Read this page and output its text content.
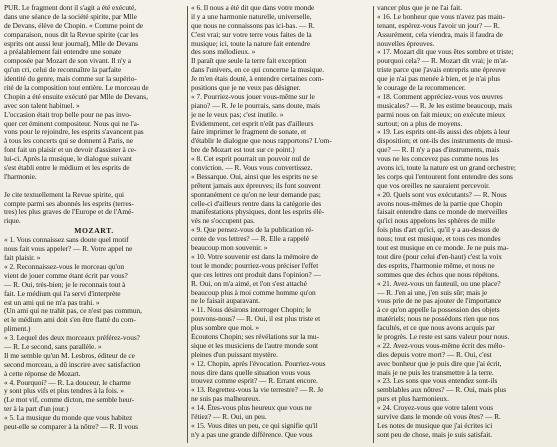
PUR. Le fragment dont il s'agit a été exécuté,
dans une séance de la société spirite, par Mlle
de Devans, élève de Chopin. « Comme point de
comparaison, nous dit la Revue spirite (car les
esprits ont aussi leur journal), Mlle de Devans
a préalablement fait entendre une sonate
composée par Mozart de son vivant. Il n'y a
qu'un cri, celui de reconnaître la parfaite
identité du genre, mais comme sur la supério-
rité de la composition tout entière. Le morceau de
Chopin a été ensuite exécuté par Mlle de Devans,
avec son talent habituel. »
L'occasion était trop belle pour ne pas invo-
quer cet éminent compositeur. Nous qui ne l'a-
vons pour le rejoindre, les esprits s'avancent pas
à tous les concerts qui se donnent à Paris, ne
font fait un plaisir et un devoir d'assister à ce-
lui-ci. Après la musique, le dialogue suivant
s'est établi entre le médium et les esprits de
l'harmonie.
Je cite textuellement la Revue spirite, qui
compte parmi ses abonnés les esprits (terres-
tres) les plus graves de l'Europe et de l'Amé-
rique.
MOZART.
« 1. Vous connaissez sans doute quel motif
nous fait vous appeler? — R. Votre appel ne
fait plaisir. »
« 2. Reconnaissez-vous le morceau qu'on
vient de jouer comme étant écrit par vous?
— R. Oui, très-bien; je le reconnais tout à
fait. Le médium qui l'a servi d'interprète
est un ami qui ne m'a pas trahi. »
(Un ami qui ne trahit pas, ce n'est pas commun,
et le médium ami doit s'en être flatté du com-
pliment.)
« 3. Lequel des deux morceaux préférez-vous?
— R. Le second, sans parallèle. »
Il me semble qu'un M. Lesbros, éditeur de ce
second morceau, a dû inscrire avec satisfaction
à cette réponse de Mozart.
« 4. Pourquoi? — R. La douceur, le charme
y sont plus vifs et plus tendres à la fois. »
(Le mot vif, comme dicton, me semble heur-
ter à la part d'un jour.)
« 5. La musique du monde que vous habitez
peut-elle se comparer à la nôtre? — R. Il vous
« 6. Il nous a été dit que dans votre monde
il y a une harmonie naturelle, universelle,
que nous ne connaissons pas ici-bas. — R.
C'est vrai; sur votre terre vous faites de la
musique; ici, toute la nature fait entendre
des sons mélodieux. »
Il paraît que seule la terre fait exception
dans l'univers, en ce qui concerne la musique.
Je m'en étais douté, à entendre certaines com-
positions que je ne veux pas désigner.
« 7. Pourriez-vous jouer vous-même sur le
piano? — R. Je le pourrais, sans doute, mais
je ne le veux pas; c'est inutile. »
Évidemment, cet esprit n'eût pas d'ailleurs
faire imprimer le fragment de sonate, et
d'établir le dialogue que nous rapportons? L'om-
bre de Mozart est tout sur ce point.)
« 8. Cet esprit pourrait un pouvoir nul de
conviction. — R. Vous vous convertissez.
« Bessarque. Oui, ainsi que les esprits ne se
prêtent jamais aux épreuves; ils font souvent
spontanément ce qu'on ne leur demande pas;
celle-ci d'ailleurs rentre dans la catégorie des
manifestations physiques, dont les esprits élè-
vés ne s'occupent pas.
« 9. Que pensez-vous de la publication ré-
cente de vos lettres? — R. Elle a rappelé
beaucoup mon souvenir. »
« 10. Votre souvenir est dans la mémoire de
tout le monde; pourriez-vous préciser l'effet
que ces lettres ont produit dans l'opinion? —
R. Oui, on m'a aimé, et l'on s'est attaché
beaucoup plus à moi comme homme qu'on
ne le faisait auparavant.
« 11. Nous désirons interroger Chopin; le
pouvons-nous? — R. Oui, il est plus triste et
plus sombre que moi. »
Écoutons Chopin; ses révélations sur la mu-
sique et les musiciens de l'autre monde sont
pleines d'un puissant mystère.
« 12. Chopin, après l'évocation. Pourriez-vous
nous dire dans quelle situation vous vous
trouvez comme esprit? — R. Errant encore.
« 13. Regrettez-vous la vie terrestre? — R. Je
ne suis pas malheureux.
« 14. Êtes-vous plus heureux que vous ne
l'étiez? — R. Oui, un peu.
« 15. Vous dites un peu, ce qui signifie qu'il
n'y a pas une grande différence. Que vous
vancer plus que je ne l'ai fait.
« 16. Le bonheur que vous n'avez pas main-
tenant, espérez-vous l'avoir un jour? — R.
Assurément, cela viendra, mais il faudra de
nouvelles épreuves.
« 17. Mozart dit que vous êtes sombre et triste;
pourquoi cela? — R. Mozart dit vrai; je m'at-
triste parce que j'avais entrepris une épreuve
que je n'ai pas menée à bien, et je n'ai plus
le courage de la recommencer.
« 18. Comment appréciez-vous vos œuvres
musicales? — R. Je les estime beaucoup, mais
parmi nous on fait mieux; on exécute mieux
surtout; on a plus de moyens.
« 19. Les esprits ont-ils aussi des objets à leur
disposition; et ont-ils des instruments de musi-
que? — R. Il n'y a pas d'instruments, mais
vous ne les concevez pas comme nous les
avons ici, toute la nature est un grand orchestre;
les corps qui l'entourent font entendre des sons
que vos oreilles ne sauraient percevoir.
« 20. Quels sont vos exécutants? — R. Nous
avons nous-mêmes de la partie que Chopin
faisait entendre dans ce monde de merveilles
qu'ici nous appelons les sphères de mille
fois plus d'art qu'ici, qu'il y a au-dessus de
nous; tout est musique, et tous ces mondes
tout est musique en ce monde. Je ne puis ma-
tout dire (pour celui d'en-haut) c'est la voix
des esprits, l'harmonie même, et nous ne
sommes que des échos que nous répétons.
« 21. Avez-vous un fauteuil, ou une place?
— R. J'en ai une, j'en suis sûr; mais je
vous prie de ne pas ajouter de l'importance
à ce qu'on appelle la possession des objets
matériels; nous ne possédons rien que nos
facultés, et ce que nous avons acquis par
le progrès. Le reste est sans valeur pour nous.
« 22. Avez-vous vous-même écrit des mélo-
dies depuis votre mort? — R. Oui, c'est
avec bonheur que je puis dire que j'ai écrit,
mais je ne puis les transmettre à la terre.
« 23. Les sons que vous entendez sont-ils
semblables aux nôtres? — R. Oui, mais plus
purs et plus harmonieux.
« 24. Croyez-vous que votre talent vous
survive dans le monde où vous êtes? — R.
Les notes de musique que j'ai écrites ici
sont peu de chose, mais je suis satisfait.
